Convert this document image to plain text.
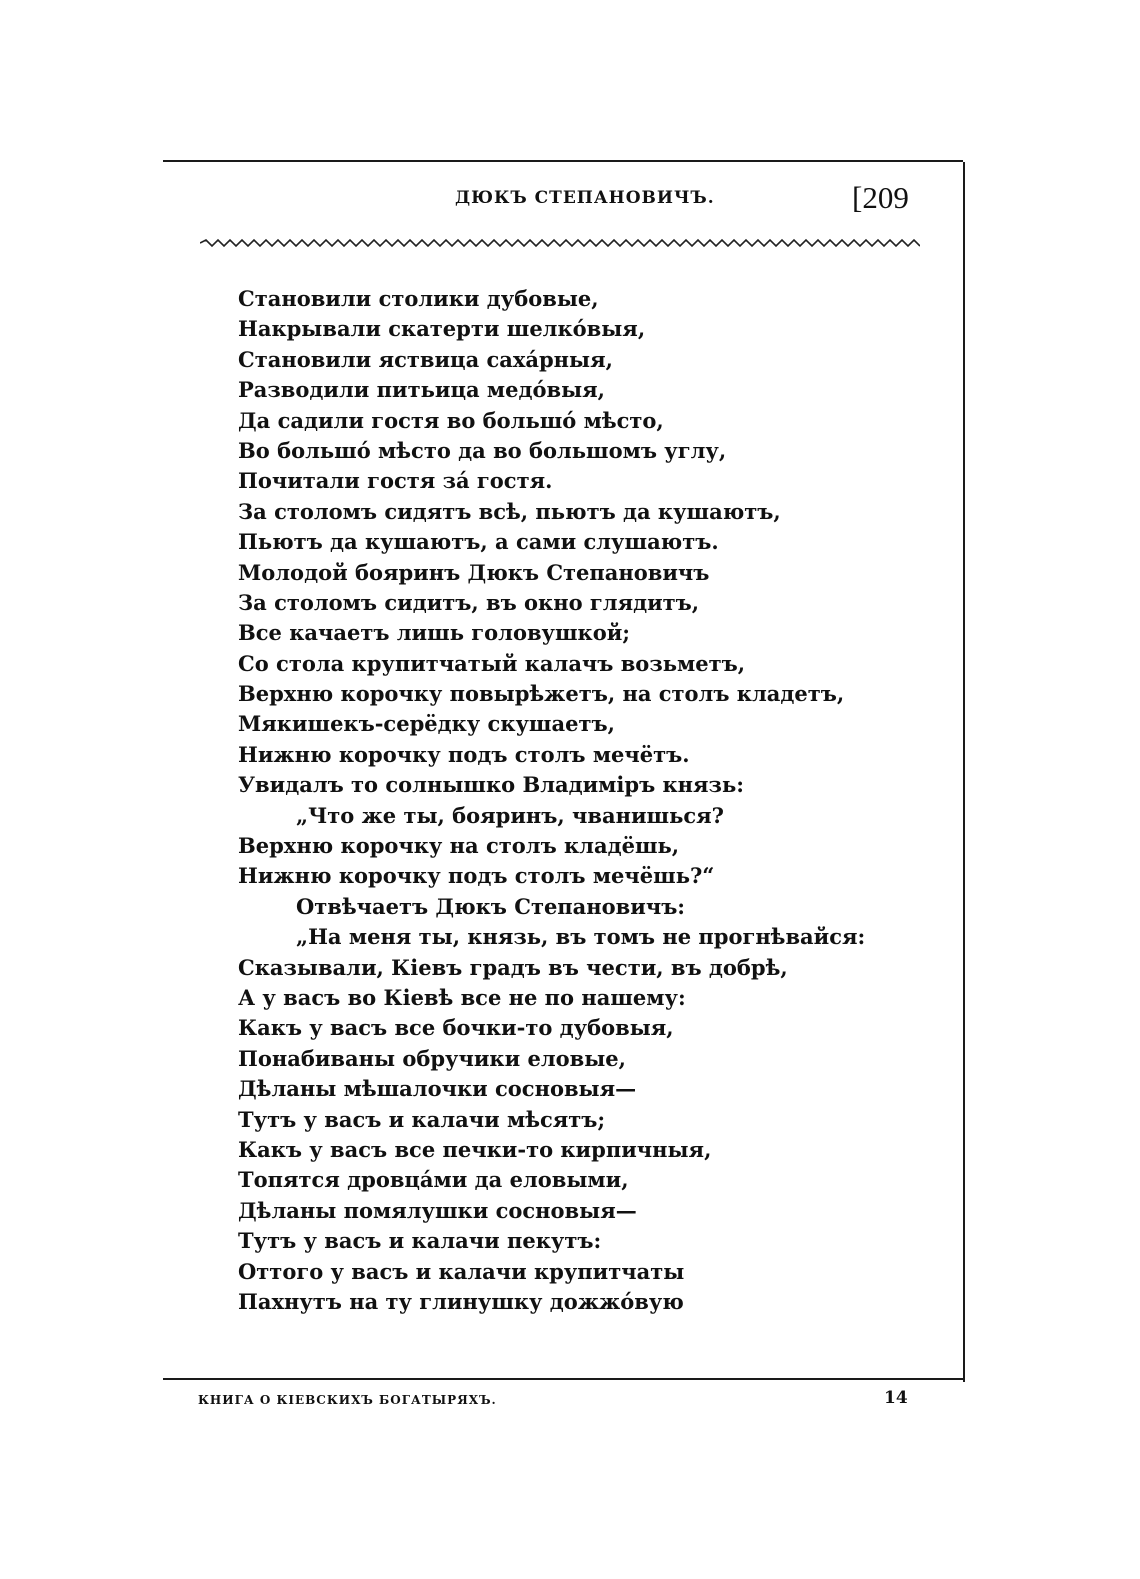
ДЮКЪ СТЕПАНОВИЧЪ.	[209
Становили столики дубовые,
Накрывали скатерти шелкóвыя,
Становили яствица сахáрныя,
Разводили питьица медóвыя,
Да садили гостя во большó мѣсто,
Во большó мѣсто да во большомъ углу,
Почитали гостя зá гостя.
За столомъ сидятъ всѣ, пьютъ да кушаютъ,
Пьютъ да кушаютъ, а сами слушаютъ.
Молодой бояринъ Дюкъ Степановичъ
За столомъ сидитъ, въ окно глядитъ,
Все качаетъ лишь головушкой;
Со стола крупитчатый калачъ возьметъ,
Верхню корочку повырѣжетъ, на столъ кладетъ,
Мякишекъ-серёдку скушаетъ,
Нижню корочку подъ столъ мечётъ.
Увидалъ то солнышко Владиміръ князь:
„Что же ты, бояринъ, чванишься?
Верхню корочку на столъ кладёшь,
Нижню корочку подъ столъ мечёшь?“
Отвѣчаетъ Дюкъ Степановичъ:
„На меня ты, князь, въ томъ не прогнѣвайся:
Сказывали, Кіевъ градъ въ чести, въ добрѣ,
А у васъ во Кіевѣ все не по нашему:
Какъ у васъ все бочки-то дубовыя,
Понабиваны обручики еловые,
Дѣланы мѣшалочки сосновыя—
Тутъ у васъ и калачи мѣсятъ;
Какъ у васъ все печки-то кирпичныя,
Топятся дровцáми да еловыми,
Дѣланы помялушки сосновыя—
Тутъ у васъ и калачи пекутъ:
Оттого у васъ и калачи крупитчаты
Пахнутъ на ту глинушку дожжóвую
КНИГА О КІЕВСКИХЪ БОГАТЫРЯХЪ.	14
